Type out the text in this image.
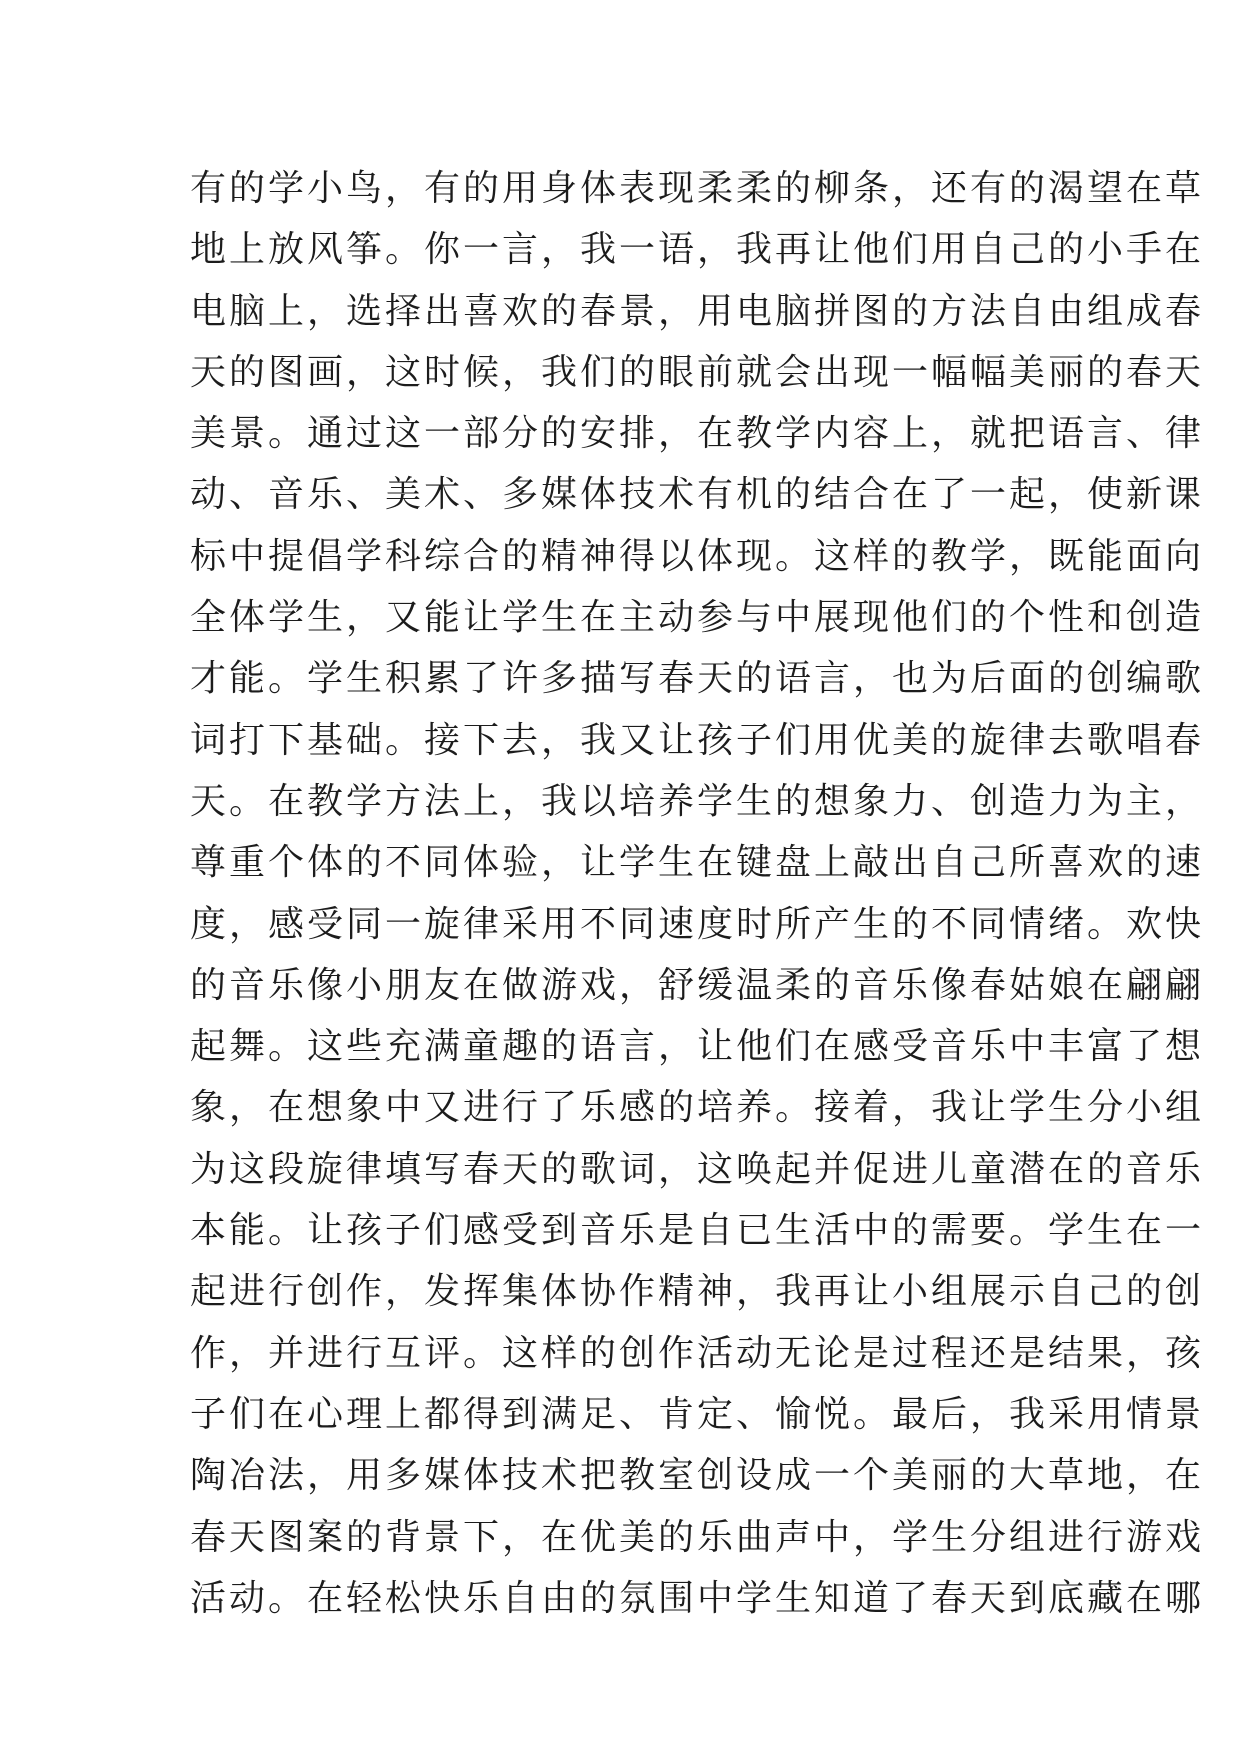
有的学小鸟，有的用身体表现柔柔的柳条，还有的渴望在草
地上放风筝。你一言，我一语，我再让他们用自己的小手在
电脑上，选择出喜欢的春景，用电脑拼图的方法自由组成春
天的图画，这时候，我们的眼前就会出现一幅幅美丽的春天
美景。通过这一部分的安排，在教学内容上，就把语言、律
动、音乐、美术、多媒体技术有机的结合在了一起，使新课
标中提倡学科综合的精神得以体现。这样的教学，既能面向
全体学生，又能让学生在主动参与中展现他们的个性和创造
才能。学生积累了许多描写春天的语言，也为后面的创编歌
词打下基础。接下去，我又让孩子们用优美的旋律去歌唱春
天。在教学方法上，我以培养学生的想象力、创造力为主，
尊重个体的不同体验，让学生在键盘上敲出自己所喜欢的速
度，感受同一旋律采用不同速度时所产生的不同情绪。欢快
的音乐像小朋友在做游戏，舒缓温柔的音乐像春姑娘在翩翩
起舞。这些充满童趣的语言，让他们在感受音乐中丰富了想
象，在想象中又进行了乐感的培养。接着，我让学生分小组
为这段旋律填写春天的歌词，这唤起并促进儿童潜在的音乐
本能。让孩子们感受到音乐是自已生活中的需要。学生在一
起进行创作，发挥集体协作精神，我再让小组展示自己的创
作，并进行互评。这样的创作活动无论是过程还是结果，孩
子们在心理上都得到满足、肯定、愉悦。最后，我采用情景
陶冶法，用多媒体技术把教室创设成一个美丽的大草地，在
春天图案的背景下，在优美的乐曲声中，学生分组进行游戏
活动。在轻松快乐自由的氛围中学生知道了春天到底藏在哪
